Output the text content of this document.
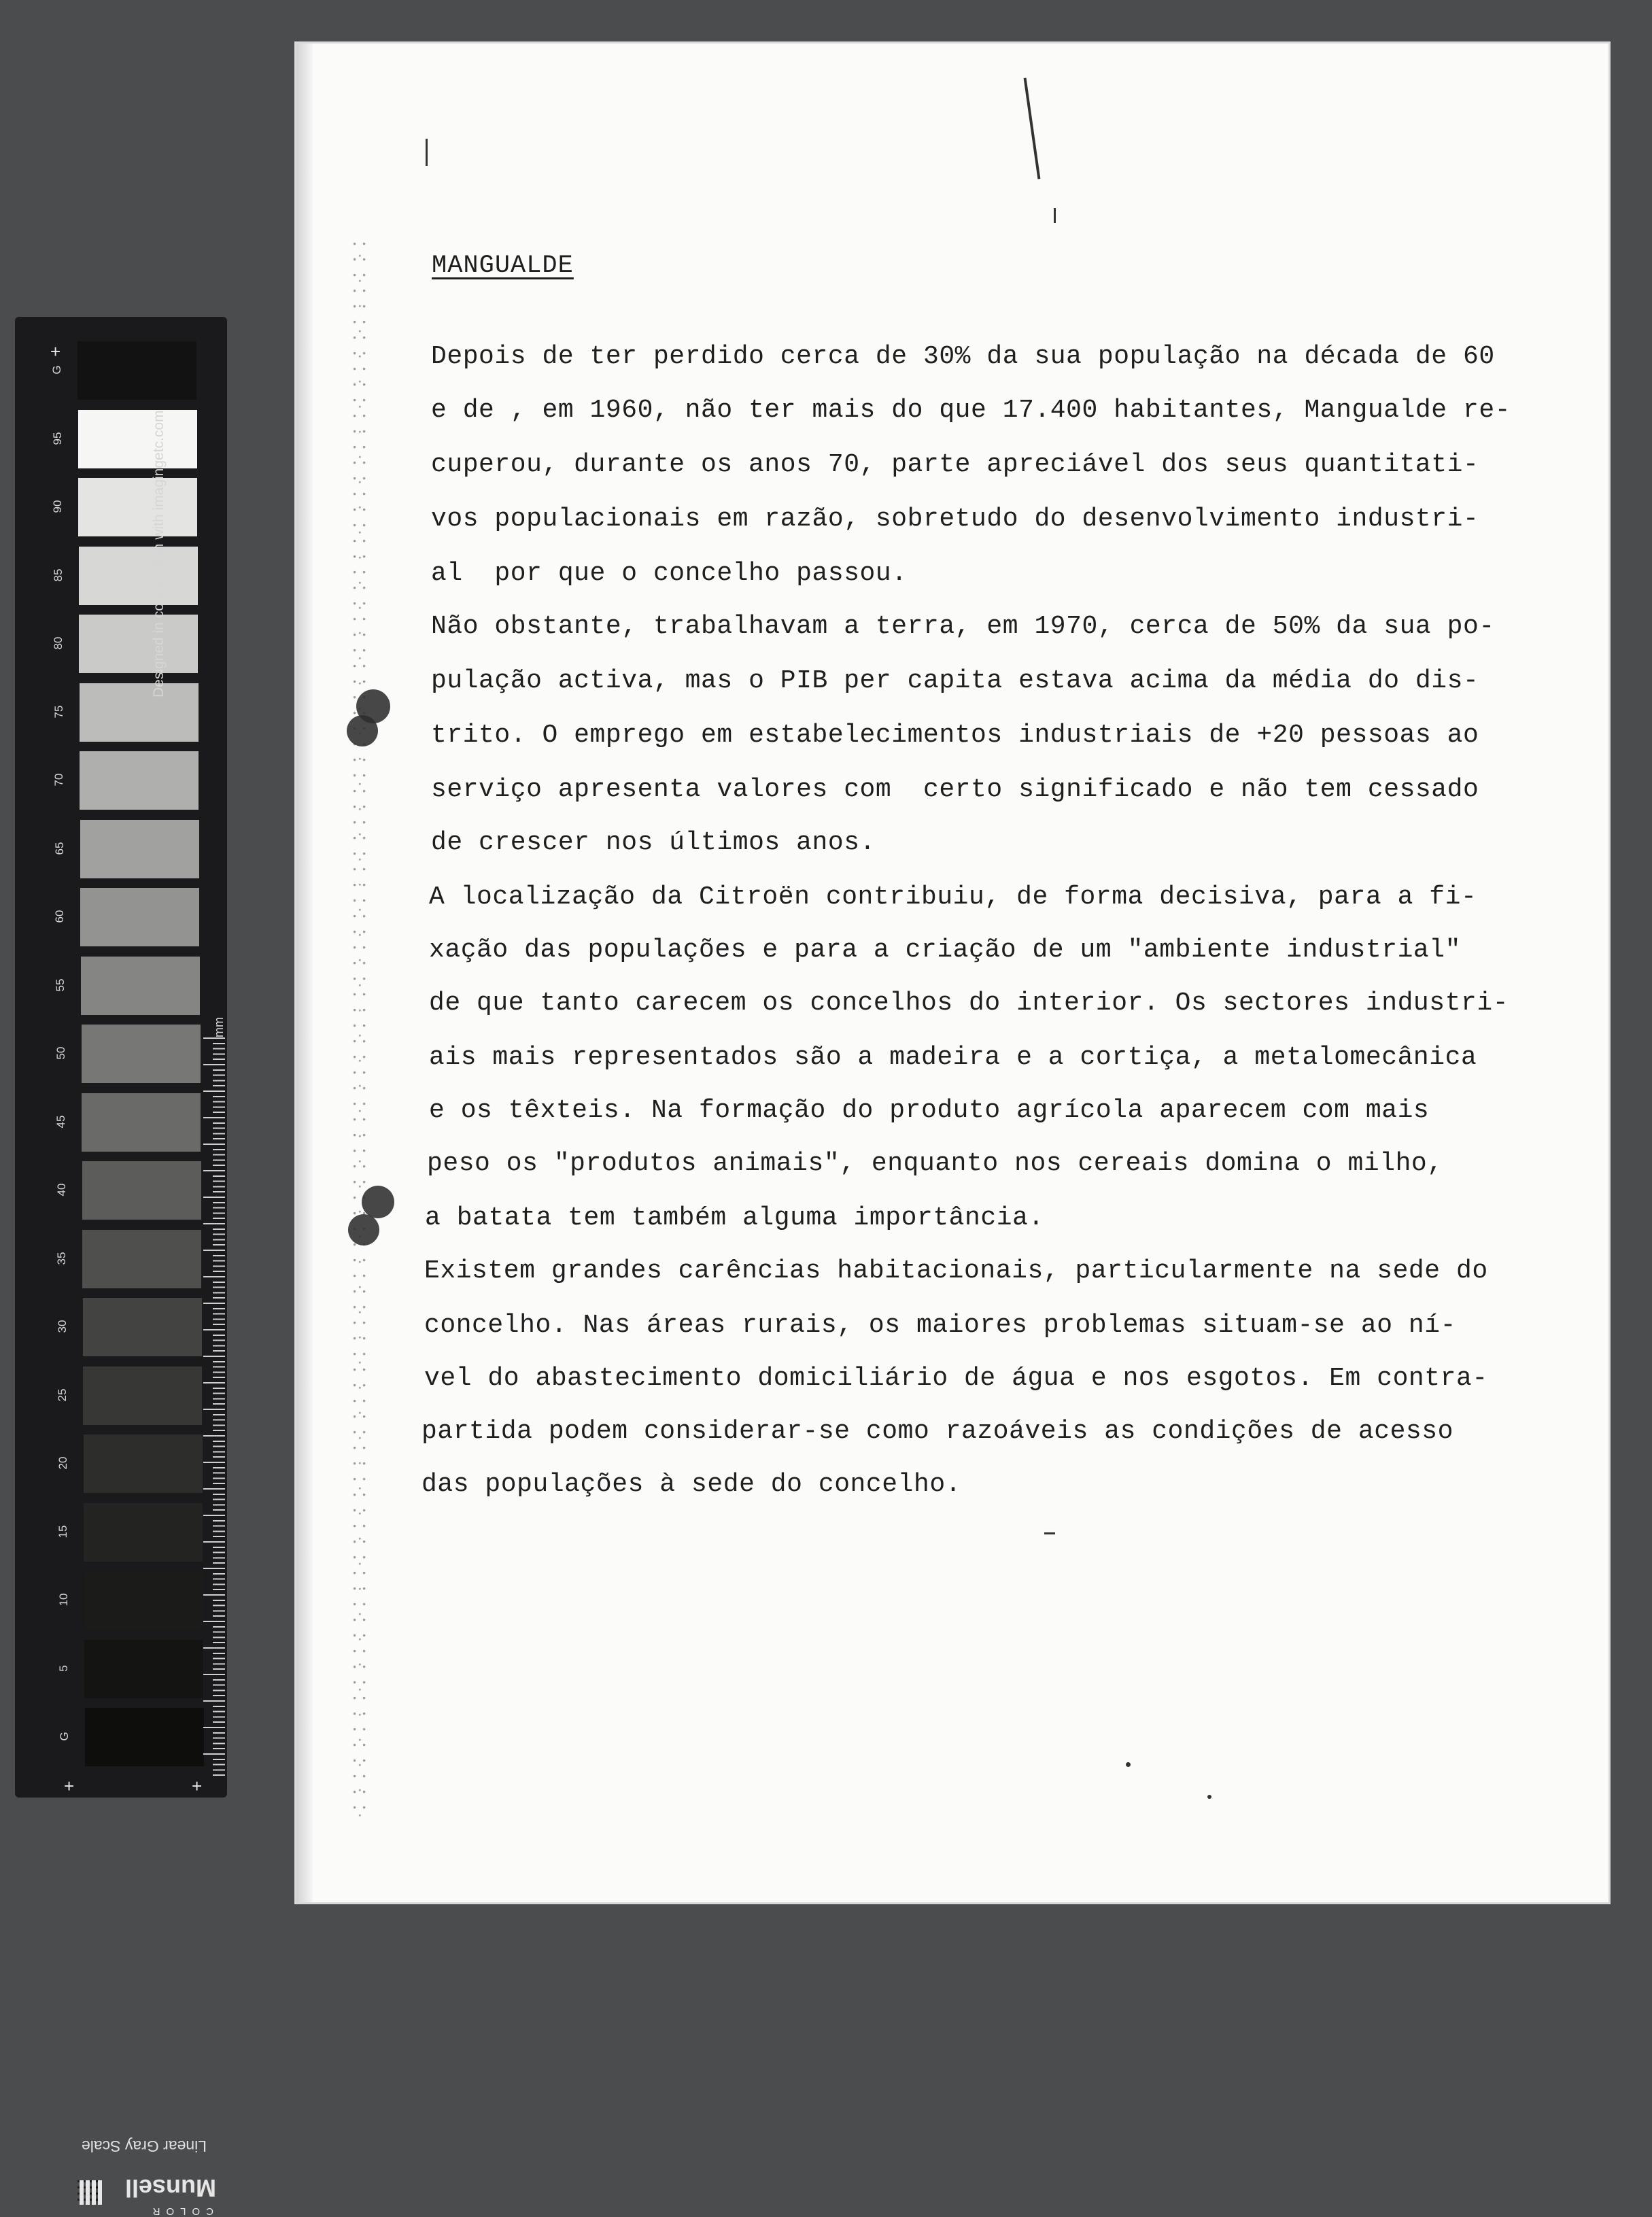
+
+	+
G
95
90
85
80
75
70
65
60
55
50
45
40
35
30
25
20
15
10
5
G
Designed in cooperation with imagingetc.com
mm
Linear Gray Scale
COLOR
Munsell
MANGUALDE
Depois de ter perdido cerca de 30% da sua população na década de 60
e de , em 1960, não ter mais do que 17.400 habitantes, Mangualde re-
cuperou, durante os anos 70, parte apreciável dos seus quantitati-
vos populacionais em razão, sobretudo do desenvolvimento industri-
al  por que o concelho passou.
Não obstante, trabalhavam a terra, em 1970, cerca de 50% da sua po-
pulação activa, mas o PIB per capita estava acima da média do dis-
trito. O emprego em estabelecimentos industriais de +20 pessoas ao
serviço apresenta valores com  certo significado e não tem cessado
de crescer nos últimos anos.
A localização da Citroën contribuiu, de forma decisiva, para a fi-
xação das populações e para a criação de um "ambiente industrial"
de que tanto carecem os concelhos do interior. Os sectores industri-
ais mais representados são a madeira e a cortiça, a metalomecânica
e os têxteis. Na formação do produto agrícola aparecem com mais
peso os "produtos animais", enquanto nos cereais domina o milho,
a batata tem também alguma importância.
Existem grandes carências habitacionais, particularmente na sede do
concelho. Nas áreas rurais, os maiores problemas situam-se ao ní-
vel do abastecimento domiciliário de água e nos esgotos. Em contra-
partida podem considerar-se como razoáveis as condições de acesso
das populações à sede do concelho.
